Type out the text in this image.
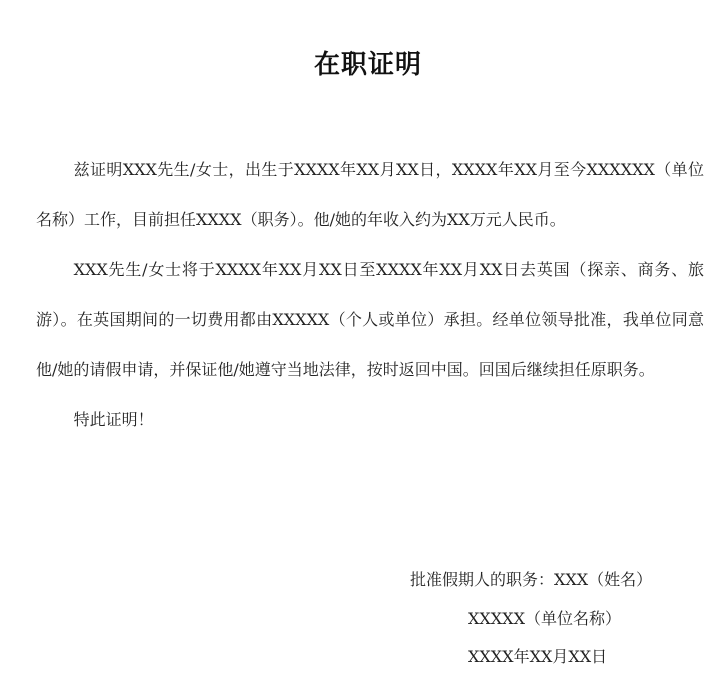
在职证明

兹证明XXX先生/女士，出生于XXXX年XX月XX日，XXXX年XX月至今XXXXXX（单位名称）工作，目前担任XXXX（职务）。他/她的年收入约为XX万元人民币。

XXX先生/女士将于XXXX年XX月XX日至XXXX年XX月XX日去英国（探亲、商务、旅游）。在英国期间的一切费用都由XXXXX（个人或单位）承担。经单位领导批准，我单位同意他/她的请假申请，并保证他/她遵守当地法律，按时返回中国。回国后继续担任原职务。

特此证明！

批准假期人的职务：XXX（姓名）
XXXXX（单位名称）
XXXX年XX月XX日
